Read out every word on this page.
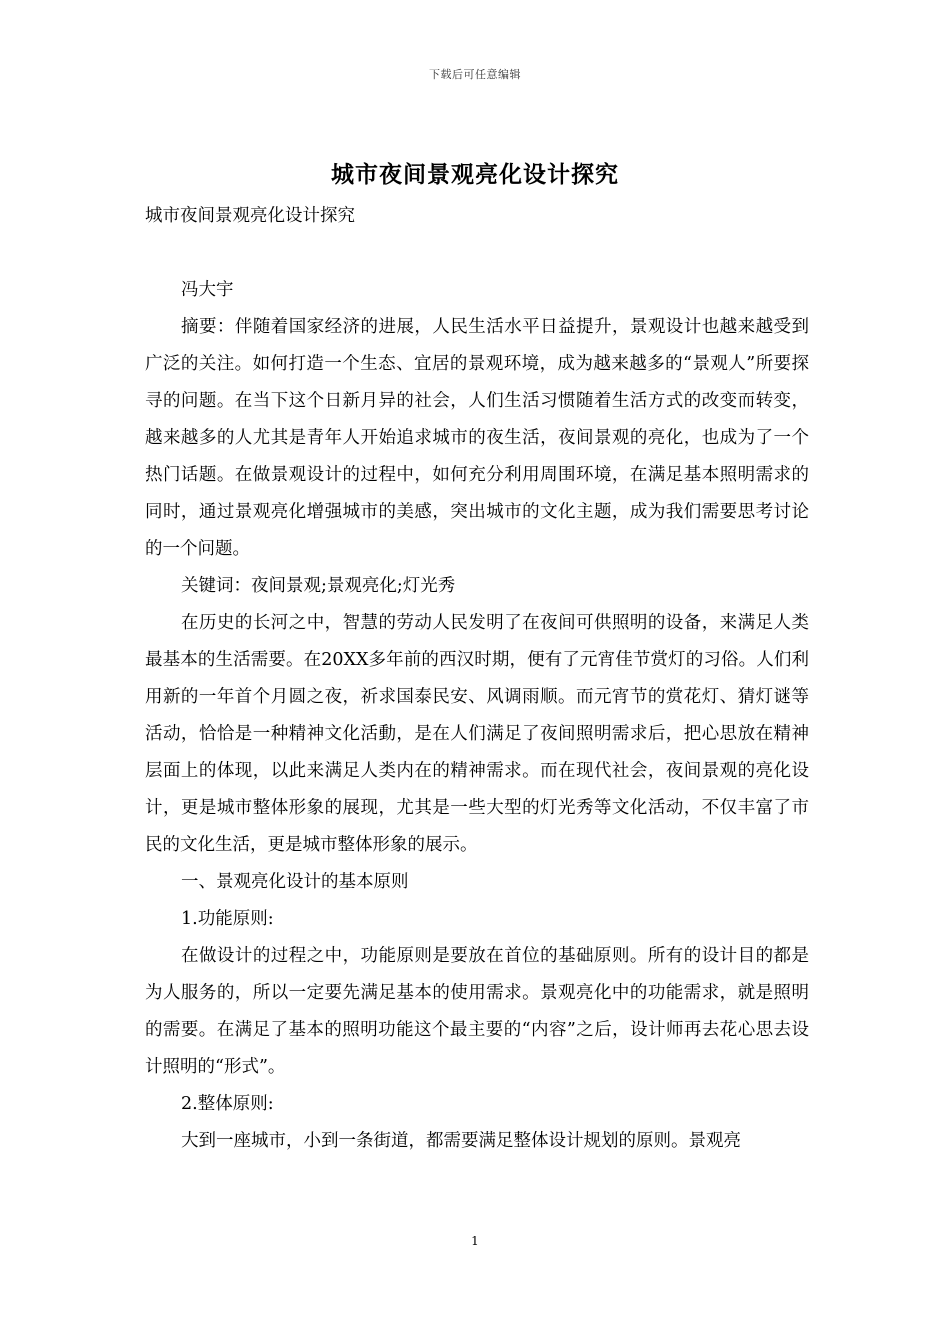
下载后可任意编辑
城市夜间景观亮化设计探究

城市夜间景观亮化设计探究

冯大宇

摘要：伴随着国家经济的进展，人民生活水平日益提升，景观设计也越来越受到广泛的关注。如何打造一个生态、宜居的景观环境，成为越来越多的“景观人”所要探寻的问题。在当下这个日新月异的社会，人们生活习惯随着生活方式的改变而转变，越来越多的人尤其是青年人开始追求城市的夜生活，夜间景观的亮化，也成为了一个热门话题。在做景观设计的过程中，如何充分利用周围环境，在满足基本照明需求的同时，通过景观亮化增强城市的美感，突出城市的文化主题，成为我们需要思考讨论的一个问题。

关键词：夜间景观;景观亮化;灯光秀

在历史的长河之中，智慧的劳动人民发明了在夜间可供照明的设备，来满足人类最基本的生活需要。在20XX多年前的西汉时期，便有了元宵佳节赏灯的习俗。人们利用新的一年首个月圆之夜，祈求国泰民安、风调雨顺。而元宵节的赏花灯、猜灯谜等活动，恰恰是一种精神文化活動，是在人们满足了夜间照明需求后，把心思放在精神层面上的体现，以此来满足人类内在的精神需求。而在现代社会，夜间景观的亮化设计，更是城市整体形象的展现，尤其是一些大型的灯光秀等文化活动，不仅丰富了市民的文化生活，更是城市整体形象的展示。

一、景观亮化设计的基本原则

1.功能原则:

在做设计的过程之中，功能原则是要放在首位的基础原则。所有的设计目的都是为人服务的，所以一定要先满足基本的使用需求。景观亮化中的功能需求，就是照明的需要。在满足了基本的照明功能这个最主要的“内容”之后，设计师再去花心思去设计照明的“形式”。

2.整体原则:

大到一座城市，小到一条街道，都需要满足整体设计规划的原则。景观亮

1
